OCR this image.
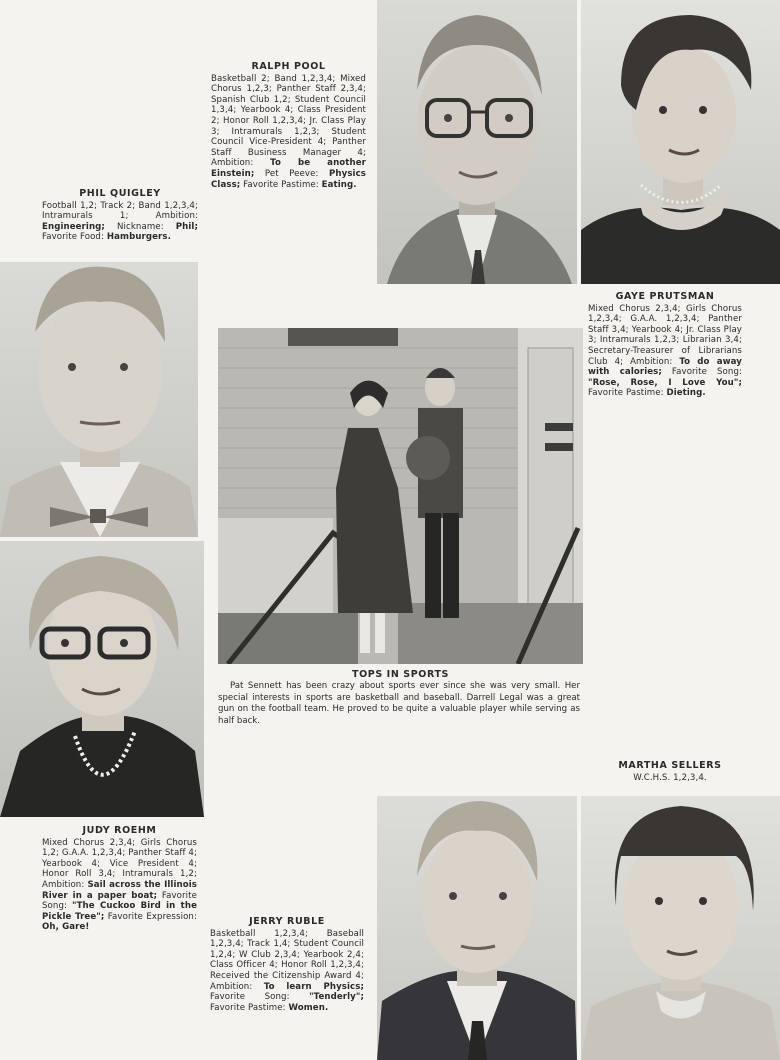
RALPH POOL
Basketball 2; Band 1,2,3,4; Mixed Chorus 1,2,3; Panther Staff 2,3,4; Spanish Club 1,2; Student Council 1,3,4; Yearbook 4; Class President 2; Honor Roll 1,2,3,4; Jr. Class Play 3; Intramurals 1,2,3; Student Council Vice-President 4; Panther Staff Business Manager 4; Ambition: To be another Einstein; Pet Peeve: Physics Class; Favorite Pastime: Eating.
PHIL QUIGLEY
Football 1,2; Track 2; Band 1,2,3,4; Intramurals 1;	Ambition: Engineering; Nickname: Phil; Favorite Food: Hamburgers.
GAYE PRUTSMAN
Mixed Chorus 2,3,4; Girls Chorus 1,2,3,4; G.A.A. 1,2,3,4; Panther Staff 3,4; Yearbook 4; Jr. Class Play 3; Intramurals 1,2,3; Librarian 3,4; Secretary-Treasurer of Librarians Club 4; Ambition: To do away with calories; Favorite Song: "Rose, Rose, I Love You"; Favorite Pastime: Dieting.
JUDY ROEHM
Mixed Chorus 2,3,4; Girls Chorus 1,2; G.A.A. 1,2,3,4; Panther Staff 4; Yearbook 4; Vice President 4; Honor Roll 3,4; Intramurals 1,2; Ambition: Sail across the Illinois River in a paper boat; Favorite Song: "The Cuckoo Bird in the Pickle Tree"; Favorite Expression: Oh, Gare!
JERRY RUBLE
Basketball 1,2,3,4; Baseball 1,2,3,4; Track 1,4; Student Council 1,2,4; W Club 2,3,4; Yearbook 2,4; Class Officer 4; Honor Roll 1,2,3,4; Received the Citizenship Award 4; Ambition: To learn Physics; Favorite Song: "Tenderly"; Favorite Pastime: Women.
MARTHA SELLERS
W.C.H.S. 1,2,3,4.
TOPS IN SPORTS
Pat Sennett has been crazy about sports ever since she was very small. Her special interests in sports are basketball and baseball. Darrell Legal was a great gun on the football team. He proved to be quite a valuable player while serving as half back.
